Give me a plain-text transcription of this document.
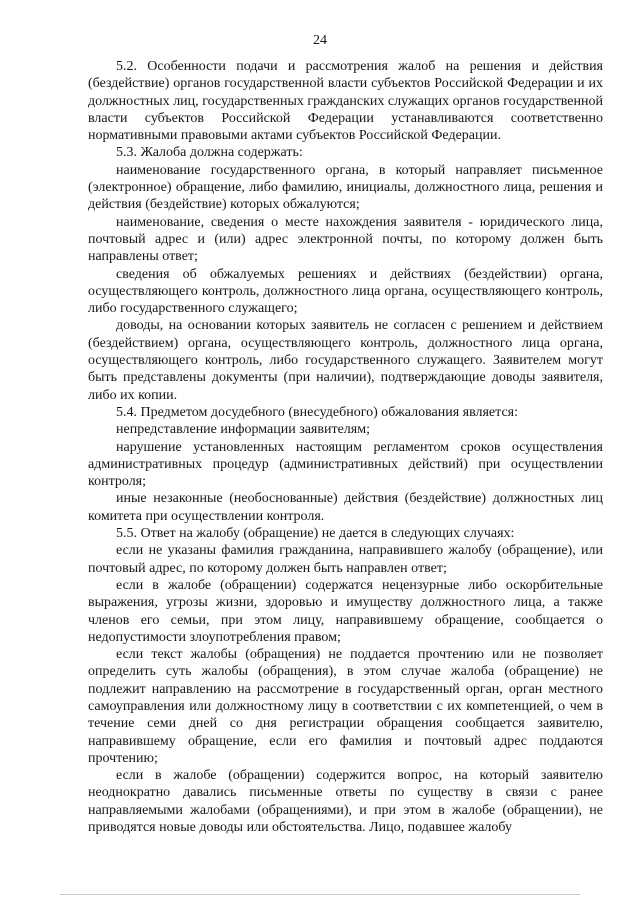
24

5.2. Особенности подачи и рассмотрения жалоб на решения и действия (бездействие) органов государственной власти субъектов Российской Федерации и их должностных лиц, государственных гражданских служащих органов государственной власти субъектов Российской Федерации устанавливаются соответственно нормативными правовыми актами субъектов Российской Федерации.

5.3. Жалоба должна содержать:

наименование государственного органа, в который направляет письменное (электронное) обращение, либо фамилию, инициалы, должностного лица, решения и действия (бездействие) которых обжалуются;

наименование, сведения о месте нахождения заявителя - юридического лица, почтовый адрес и (или) адрес электронной почты, по которому должен быть направлены ответ;

сведения об обжалуемых решениях и действиях (бездействии) органа, осуществляющего контроль, должностного лица органа, осуществляющего контроль, либо государственного служащего;

доводы, на основании которых заявитель не согласен с решением и действием (бездействием) органа, осуществляющего контроль, должностного лица органа, осуществляющего контроль, либо государственного служащего. Заявителем могут быть представлены документы (при наличии), подтверждающие доводы заявителя, либо их копии.

5.4. Предметом досудебного (внесудебного) обжалования является:

непредставление информации заявителям;

нарушение установленных настоящим регламентом сроков осуществления административных процедур (административных действий) при осуществлении контроля;

иные незаконные (необоснованные) действия (бездействие) должностных лиц комитета при осуществлении контроля.

5.5. Ответ на жалобу (обращение) не дается в следующих случаях:

если не указаны фамилия гражданина, направившего жалобу (обращение), или почтовый адрес, по которому должен быть направлен ответ;

если в жалобе (обращении) содержатся нецензурные либо оскорбительные выражения, угрозы жизни, здоровью и имуществу должностного лица, а также членов его семьи, при этом лицу, направившему обращение, сообщается о недопустимости злоупотребления правом;

если текст жалобы (обращения) не поддается прочтению или не позволяет определить суть жалобы (обращения), в этом случае жалоба (обращение) не подлежит направлению на рассмотрение в государственный орган, орган местного самоуправления или должностному лицу в соответствии с их компетенцией, о чем в течение семи дней со дня регистрации обращения сообщается заявителю, направившему обращение, если его фамилия и почтовый адрес поддаются прочтению;

если в жалобе (обращении) содержится вопрос, на который заявителю неоднократно давались письменные ответы по существу в связи с ранее направляемыми жалобами (обращениями), и при этом в жалобе (обращении), не приводятся новые доводы или обстоятельства. Лицо, подавшее жалобу
